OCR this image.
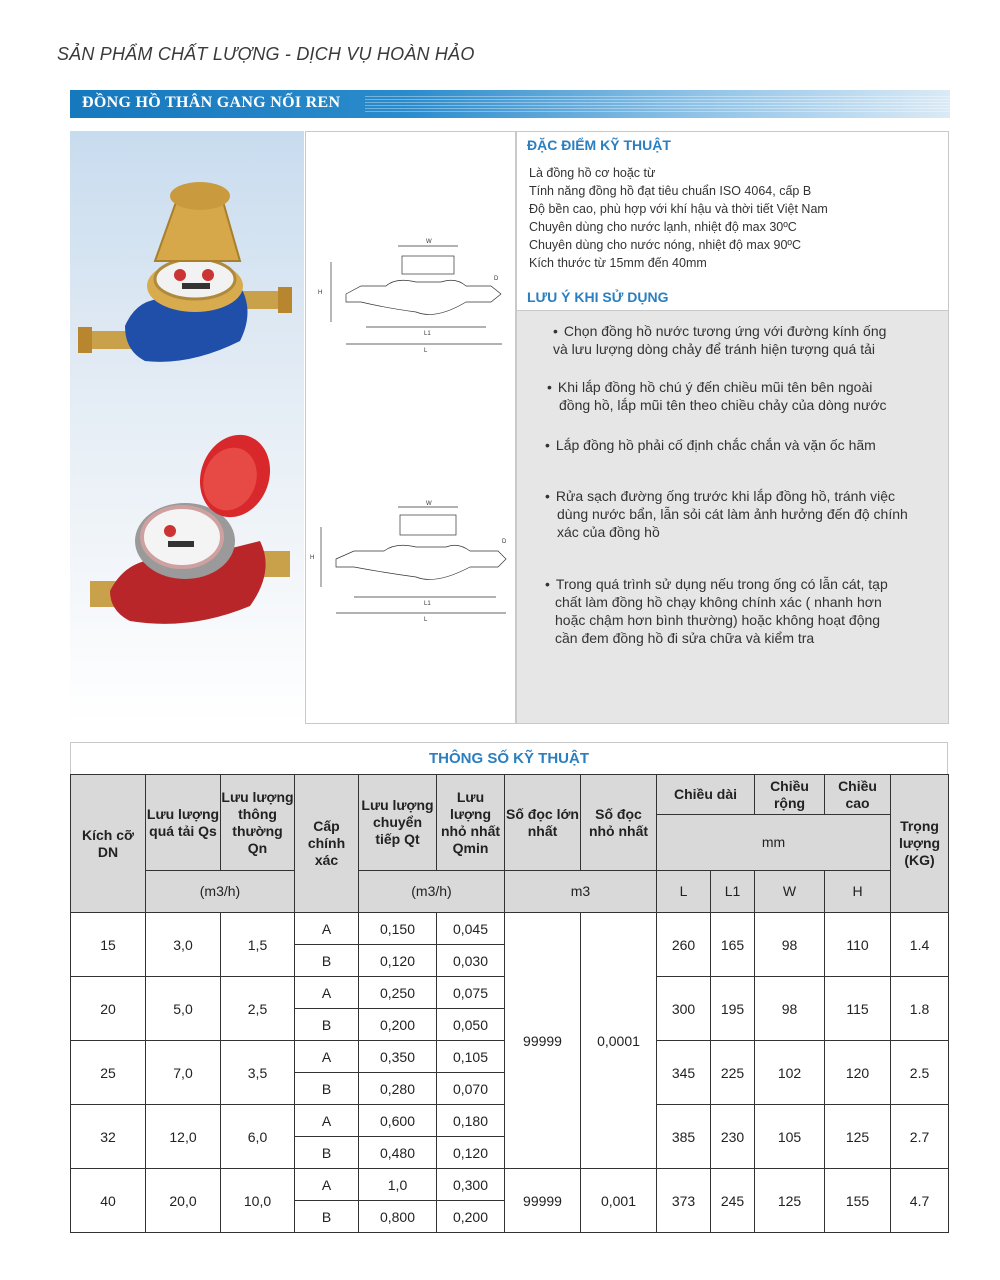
SẢN PHẨM CHẤT LƯỢNG - DỊCH VỤ HOÀN HẢO
ĐỒNG HỒ THÂN GANG NỐI REN
W
H
L1
L
D
W
H
L1
L
D
ĐẶC ĐIỂM KỸ THUẬT
Là đồng hồ cơ hoặc từ
Tính năng đồng hồ đạt tiêu chuẩn ISO 4064, cấp B
Độ bền cao, phù hợp với khí hậu và thời tiết Việt Nam
Chuyên dùng cho nước lạnh, nhiệt độ max 30ºC
Chuyên dùng cho nước nóng, nhiệt độ max 90ºC
Kích thước từ 15mm đến 40mm
LƯU Ý KHI SỬ DỤNG
• Chọn đồng hồ nước tương ứng với đường kính ống
và lưu lượng dòng chảy để tránh hiện tượng quá tải
• Khi lắp đồng hồ chú ý đến chiều mũi tên bên ngoài
đồng hồ, lắp mũi tên theo chiều chảy của dòng nước
• Lắp đồng hồ phải cố định chắc chắn và vặn ốc hãm
• Rửa sạch đường ống trước khi lắp đồng hồ, tránh việc
dùng nước bẩn, lẫn sỏi cát làm ảnh hưởng đến độ chính
xác của đồng hồ
• Trong quá trình sử dụng nếu trong ống có lẫn cát, tạp
chất làm đồng hồ chạy không chính xác ( nhanh hơn
hoặc chậm hơn bình thường) hoặc không hoạt động
cần đem đồng hồ đi sửa chữa và kiểm tra
THÔNG SỐ KỸ THUẬT
Kích cỡ DN	Lưu lượng quá tải Qs	Lưu lượng thông thường Qn	Cấp chính xác	Lưu lượng chuyển tiếp Qt	Lưu lượng nhỏ nhất Qmin	Số đọc lớn nhất	Số đọc nhỏ nhất	Chiều dài		Chiều rộng	Chiều cao	Trọng lượng (KG)
								mm				
	(m3/h)			(m3/h)		m3		L	L1	W	H	
15	3,0	1,5	A	0,150	0,045	99999	0,0001	260	165	98	110	1.4
			B	0,120	0,030							
20	5,0	2,5	A	0,250	0,075			300	195	98	115	1.8
			B	0,200	0,050							
25	7,0	3,5	A	0,350	0,105			345	225	102	120	2.5
			B	0,280	0,070							
32	12,0	6,0	A	0,600	0,180			385	230	105	125	2.7
			B	0,480	0,120							
40	20,0	10,0	A	1,0	0,300	99999	0,001	373	245	125	155	4.7
			B	0,800	0,200							
